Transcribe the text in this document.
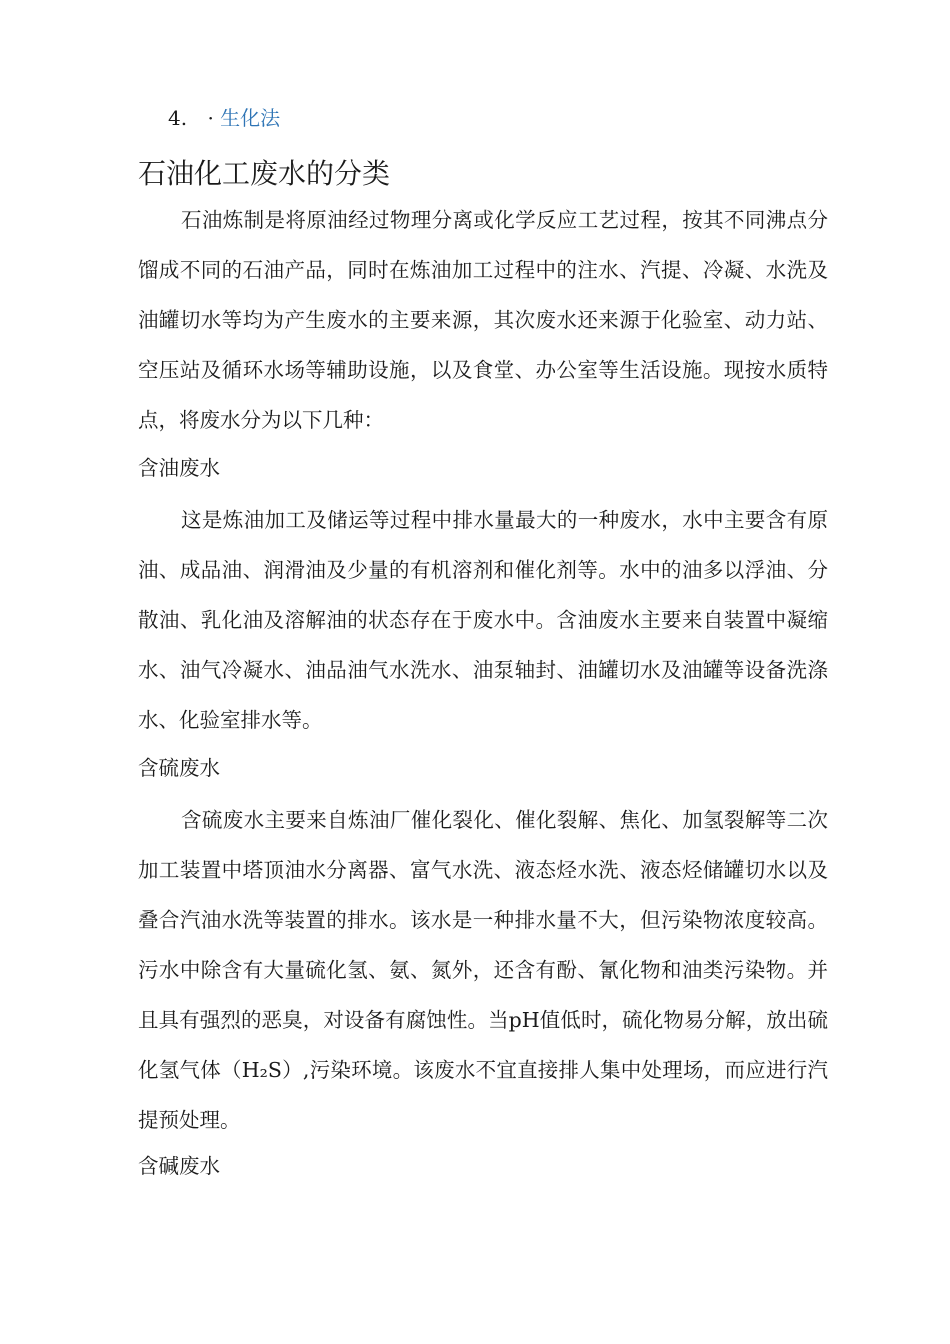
4. · 生化法
石油化工废水的分类

石油炼制是将原油经过物理分离或化学反应工艺过程，按其不同沸点分馏成不同的石油产品，同时在炼油加工过程中的注水、汽提、冷凝、水洗及油罐切水等均为产生废水的主要来源，其次废水还来源于化验室、动力站、空压站及循环水场等辅助设施，以及食堂、办公室等生活设施。现按水质特点，将废水分为以下几种：

含油废水

这是炼油加工及储运等过程中排水量最大的一种废水，水中主要含有原油、成品油、润滑油及少量的有机溶剂和催化剂等。水中的油多以浮油、分散油、乳化油及溶解油的状态存在于废水中。含油废水主要来自装置中凝缩水、油气冷凝水、油品油气水洗水、油泵轴封、油罐切水及油罐等设备洗涤水、化验室排水等。

含硫废水

含硫废水主要来自炼油厂催化裂化、催化裂解、焦化、加氢裂解等二次加工装置中塔顶油水分离器、富气水洗、液态烃水洗、液态烃储罐切水以及叠合汽油水洗等装置的排水。该水是一种排水量不大，但污染物浓度较高。污水中除含有大量硫化氢、氨、氮外，还含有酚、氰化物和油类污染物。并且具有强烈的恶臭，对设备有腐蚀性。当pH值低时，硫化物易分解，放出硫化氢气体（H₂S）,污染环境。该废水不宜直接排人集中处理场，而应进行汽提预处理。

含碱废水
